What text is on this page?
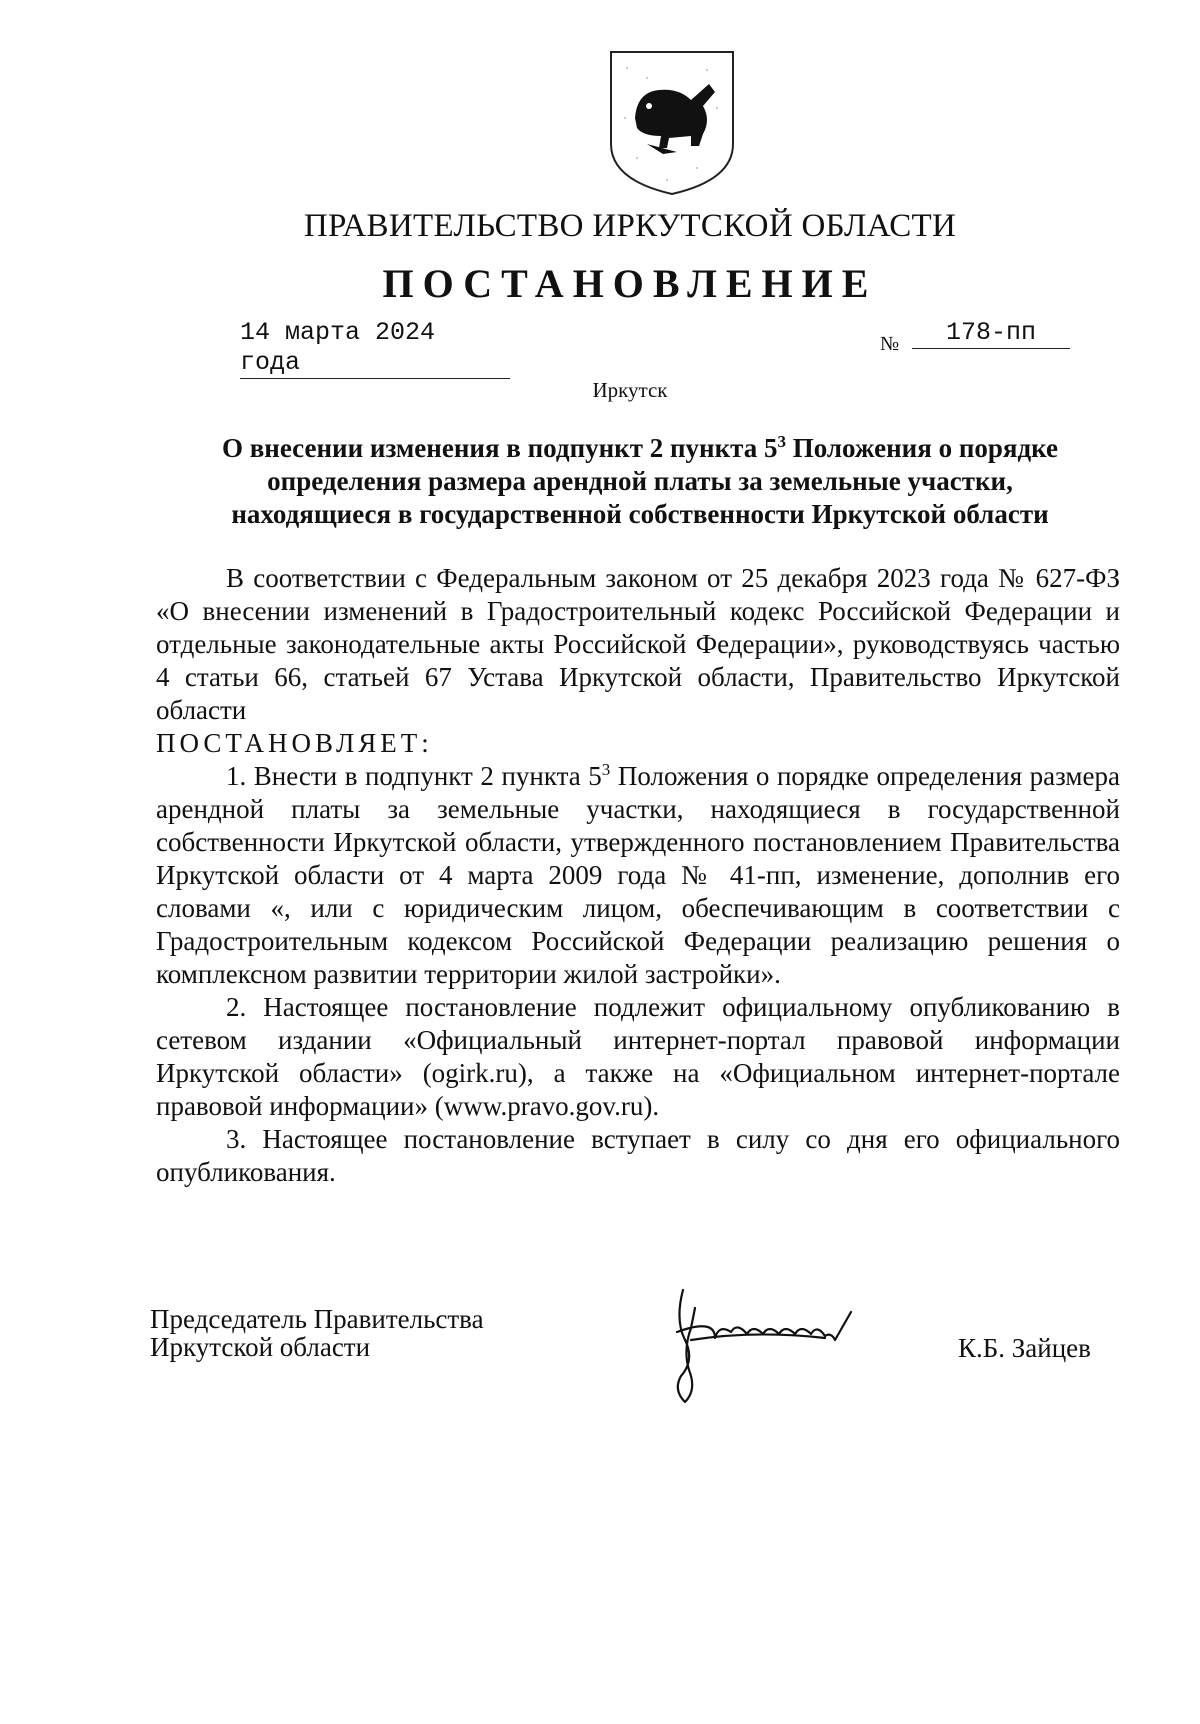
ПРАВИТЕЛЬСТВО ИРКУТСКОЙ ОБЛАСТИ
ПОСТАНОВЛЕНИЕ
14 марта 2024 года
№	178-пп
Иркутск
О внесении изменения в подпункт 2 пункта $5^3$ Положения о порядке
определения размера арендной платы за земельные участки,
находящиеся в государственной собственности Иркутской области

В соответствии с Федеральным законом от 25 декабря 2023 года № 627-ФЗ «О внесении изменений в Градостроительный кодекс Российской Федерации и отдельные законодательные акты Российской Федерации», руководствуясь частью 4 статьи 66, статьей 67 Устава Иркутской области, Правительство Иркутской области

ПОСТАНОВЛЯЕТ:

1. Внести в подпункт 2 пункта $5^3$ Положения о порядке определения размера арендной платы за земельные участки, находящиеся в государственной собственности Иркутской области, утвержденного постановлением Правительства Иркутской области от 4 марта 2009 года № 41-пп, изменение, дополнив его словами «, или с юридическим лицом, обеспечивающим в соответствии с Градостроительным кодексом Российской Федерации реализацию решения о комплексном развитии территории жилой застройки».

2. Настоящее постановление подлежит официальному опубликованию в сетевом издании «Официальный интернет-портал правовой информации Иркутской области» (ogirk.ru), а также на «Официальном интернет-портале правовой информации» (www.pravo.gov.ru).

3. Настоящее постановление вступает в силу со дня его официального опубликования.

Председатель Правительства
Иркутской области	К.Б. Зайцев
